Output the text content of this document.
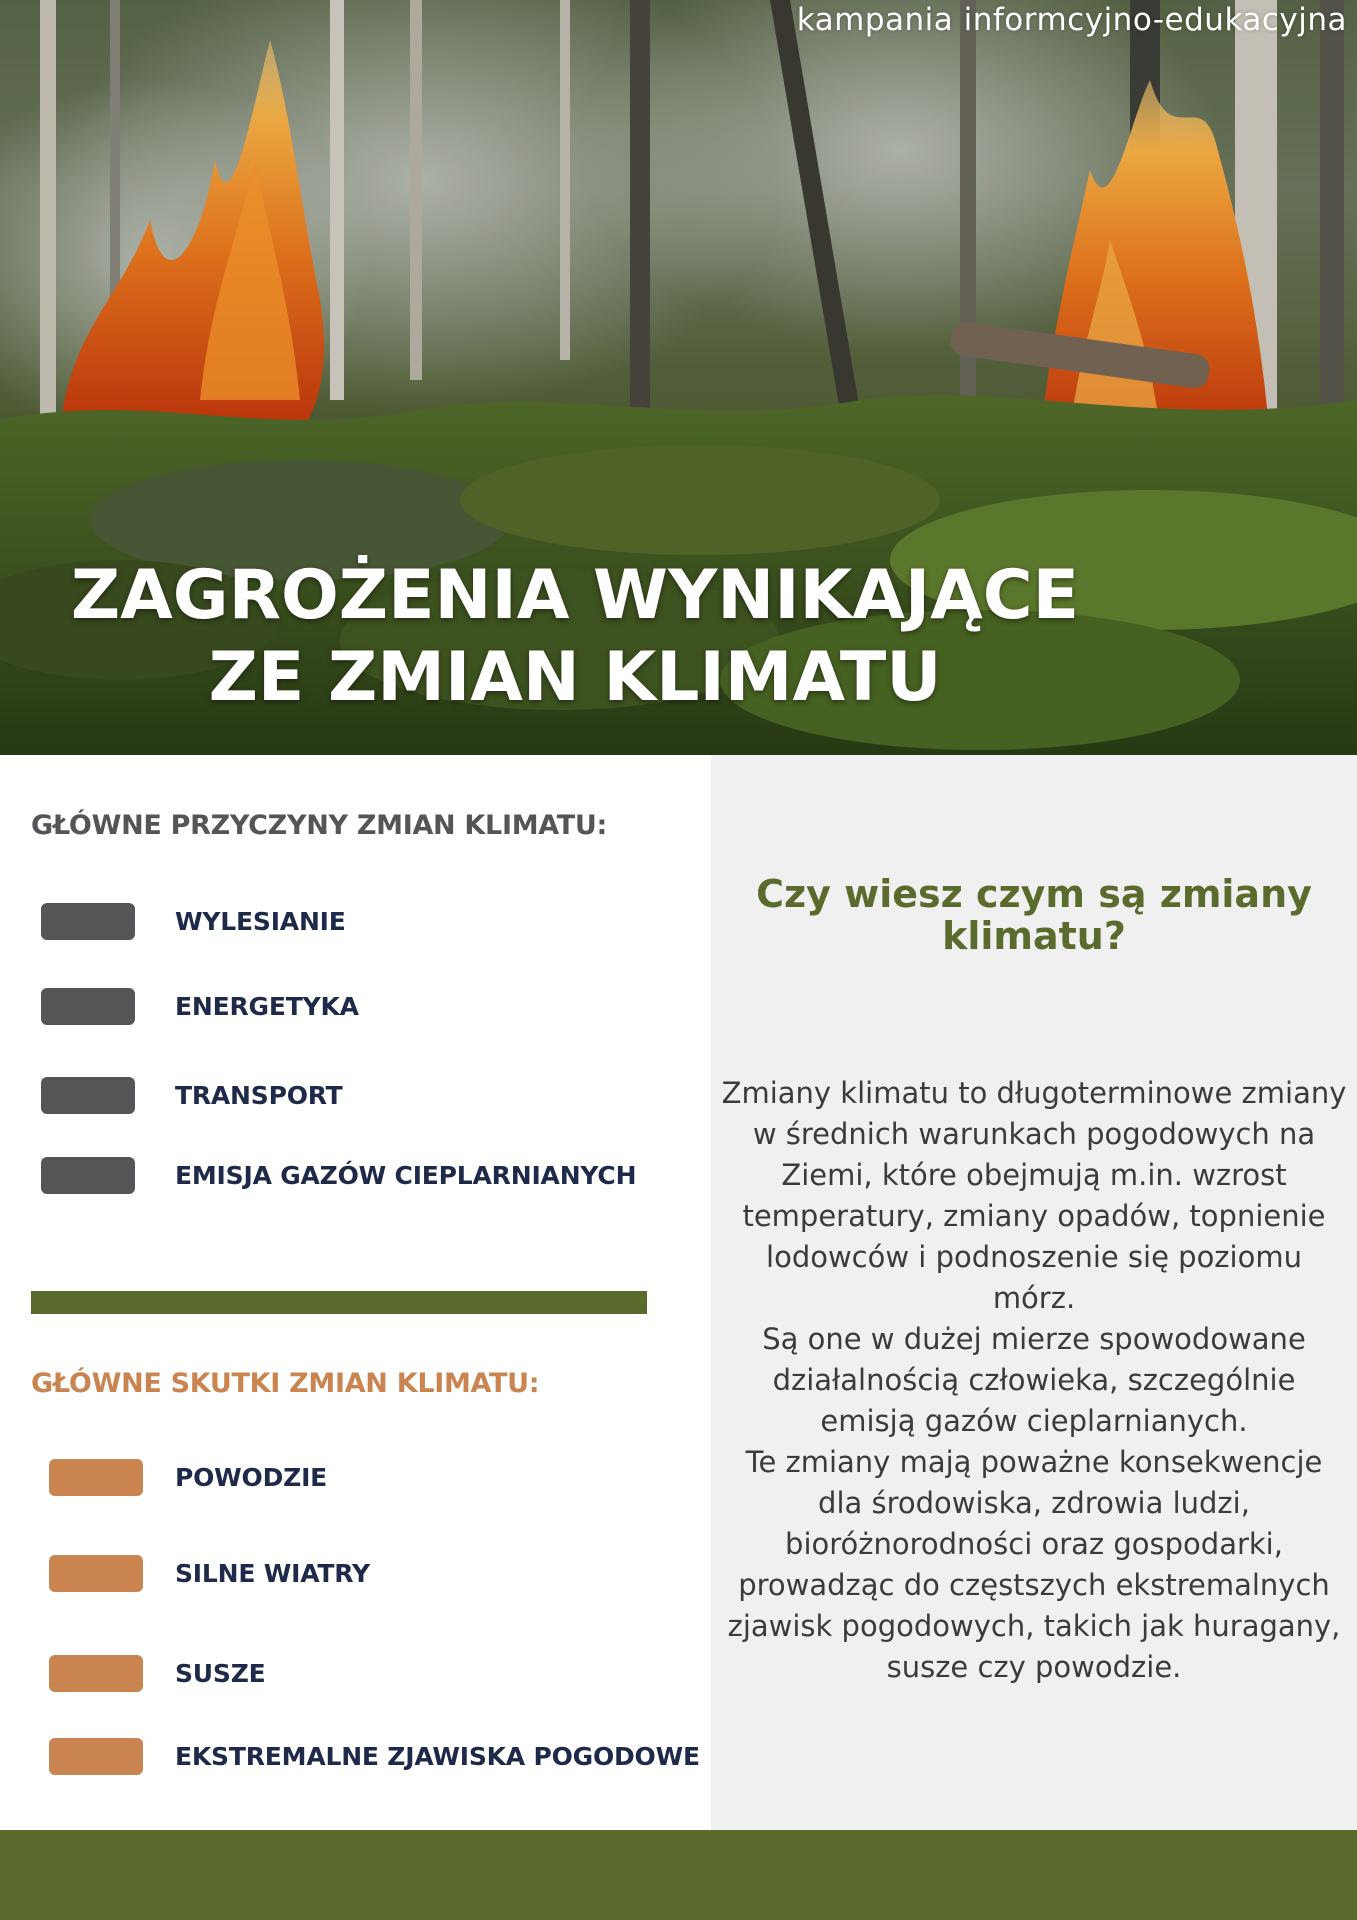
kampania informcyjno-edukacyjna
ZAGROŻENIA WYNIKAJĄCE
ZE ZMIAN KLIMATU
GŁÓWNE PRZYCZYNY ZMIAN KLIMATU:
WYLESIANIE
ENERGETYKA
TRANSPORT
EMISJA GAZÓW CIEPLARNIANYCH
GŁÓWNE SKUTKI ZMIAN KLIMATU:
POWODZIE
SILNE WIATRY
SUSZE
EKSTREMALNE ZJAWISKA POGODOWE
Czy wiesz czym są zmiany klimatu?

Zmiany klimatu to długoterminowe zmiany w średnich warunkach pogodowych na Ziemi, które obejmują m.in. wzrost temperatury, zmiany opadów, topnienie lodowców i podnoszenie się poziomu mórz.
Są one w dużej mierze spowodowane działalnością człowieka, szczególnie emisją gazów cieplarnianych.
Te zmiany mają poważne konsekwencje dla środowiska, zdrowia ludzi, bioróżnorodności oraz gospodarki, prowadząc do częstszych ekstremalnych zjawisk pogodowych, takich jak huragany, susze czy powodzie.
